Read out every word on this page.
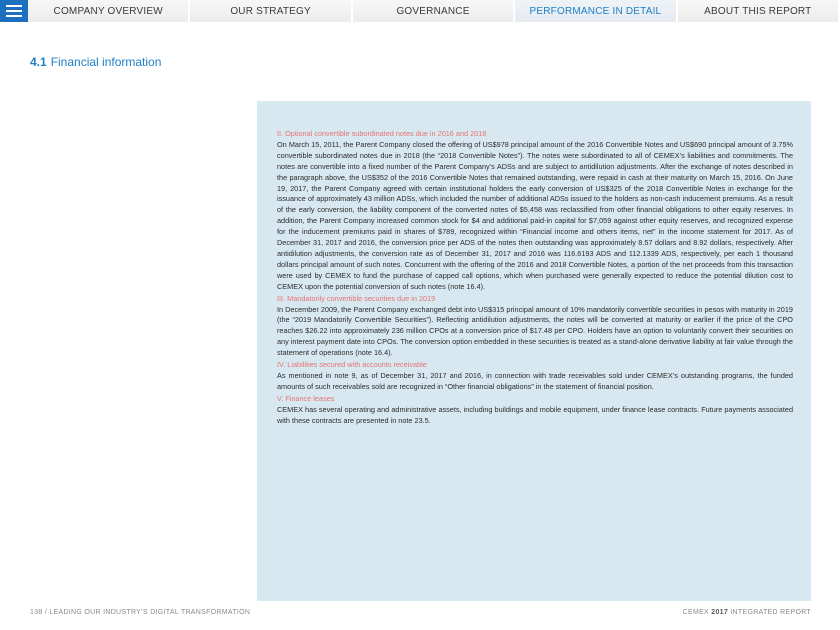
COMPANY OVERVIEW	OUR STRATEGY	GOVERNANCE	PERFORMANCE IN DETAIL	ABOUT THIS REPORT
4.1 Financial information
II. Optional convertible subordinated notes due in 2016 and 2018

On March 15, 2011, the Parent Company closed the offering of US$978 principal amount of the 2016 Convertible Notes and US$690 principal amount of 3.75% convertible subordinated notes due in 2018 (the “2018 Convertible Notes”). The notes were subordinated to all of CEMEX’s liabilities and commitments. The notes are convertible into a fixed number of the Parent Company’s ADSs and are subject to antidilution adjustments. After the exchange of notes described in the paragraph above, the US$352 of the 2016 Convertible Notes that remained outstanding, were repaid in cash at their maturity on March 15, 2016. On June 19, 2017, the Parent Company agreed with certain institutional holders the early conversion of US$325 of the 2018 Convertible Notes in exchange for the issuance of approximately 43 million ADSs, which included the number of additional ADSs issued to the holders as non-cash inducement premiums. As a result of the early conversion, the liability component of the converted notes of $5,458 was reclassified from other financial obligations to other equity reserves. In addition, the Parent Company increased common stock for $4 and additional paid-in capital for $7,059 against other equity reserves, and recognized expense for the inducement premiums paid in shares of $789, recognized within “Financial income and others items, net” in the income statement for 2017. As of December 31, 2017 and 2016, the conversion price per ADS of the notes then outstanding was approximately 8.57 dollars and 8.92 dollars, respectively. After antidilution adjustments, the conversion rate as of December 31, 2017 and 2016 was 116.6193 ADS and 112.1339 ADS, respectively, per each 1 thousand dollars principal amount of such notes. Concurrent with the offering of the 2016 and 2018 Convertible Notes, a portion of the net proceeds from this transaction were used by CEMEX to fund the purchase of capped call options, which when purchased were generally expected to reduce the potential dilution cost to CEMEX upon the potential conversion of such notes (note 16.4).

III. Mandatorily convertible securities due in 2019

In December 2009, the Parent Company exchanged debt into US$315 principal amount of 10% mandatorily convertible securities in pesos with maturity in 2019 (the “2019 Mandatorily Convertible Securities”). Reflecting antidilution adjustments, the notes will be converted at maturity or earlier if the price of the CPO reaches $26.22 into approximately 236 million CPOs at a conversion price of $17.48 per CPO. Holders have an option to voluntarily convert their securities on any interest payment date into CPOs. The conversion option embedded in these securities is treated as a stand-alone derivative liability at fair value through the statement of operations (note 16.4).

IV. Liabilities secured with accounts receivable

As mentioned in note 9, as of December 31, 2017 and 2016, in connection with trade receivables sold under CEMEX’s outstanding programs, the funded amounts of such receivables sold are recognized in “Other financial obligations” in the statement of financial position.

V. Finance leases

CEMEX has several operating and administrative assets, including buildings and mobile equipment, under finance lease contracts. Future payments associated with these contracts are presented in note 23.5.

138 / LEADING OUR INDUSTRY’S DIGITAL TRANSFORMATION	CEMEX 2017 INTEGRATED REPORT
